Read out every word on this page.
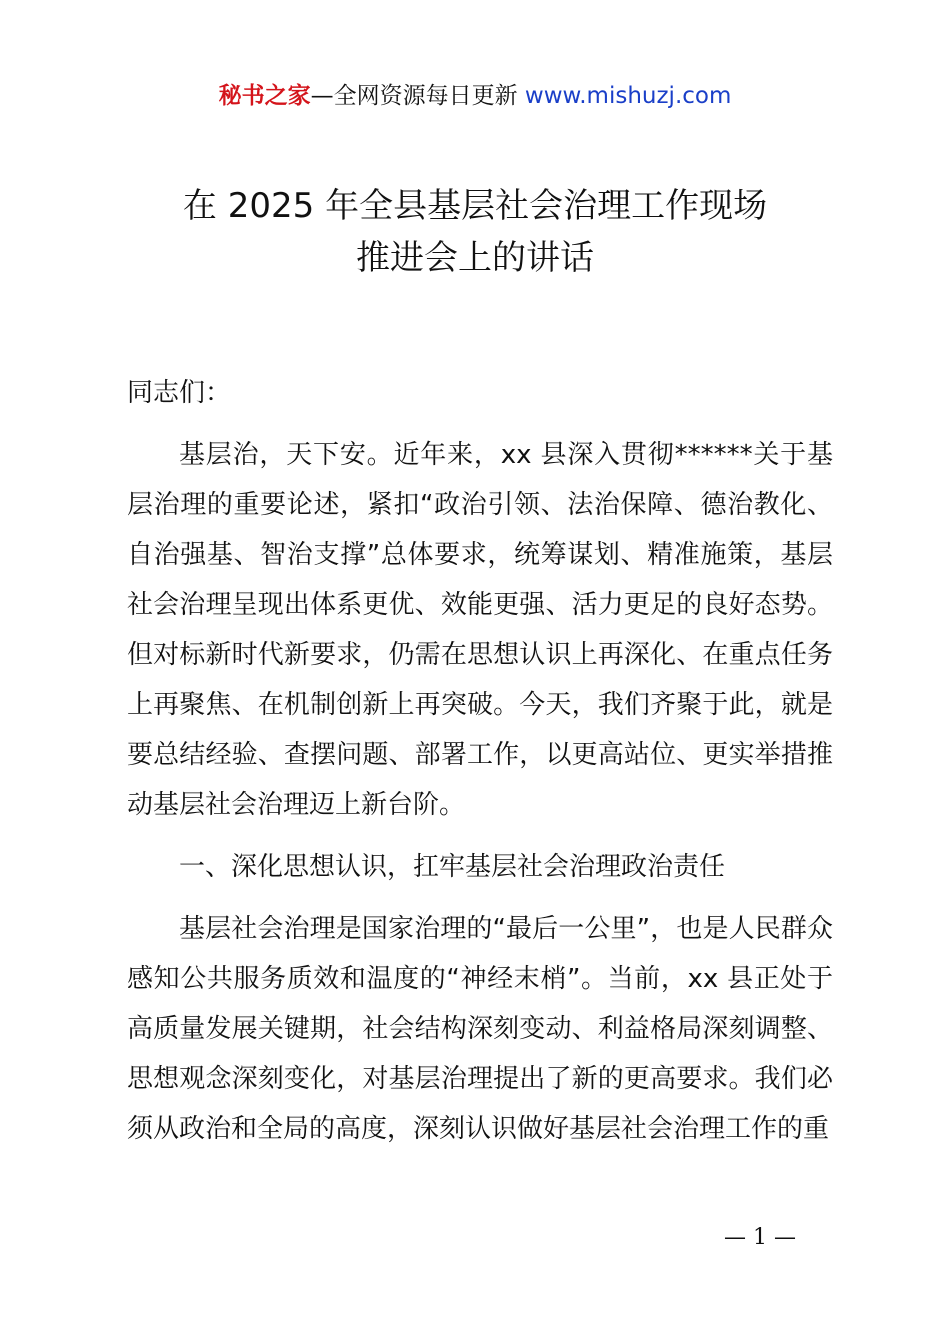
秘书之家—全网资源每日更新 www.mishuzj.com
在 2025 年全县基层社会治理工作现场
推进会上的讲话

同志们：

基层治，天下安。近年来，xx 县深入贯彻******关于基层治理的重要论述，紧扣“政治引领、法治保障、德治教化、自治强基、智治支撑”总体要求，统筹谋划、精准施策，基层社会治理呈现出体系更优、效能更强、活力更足的良好态势。但对标新时代新要求，仍需在思想认识上再深化、在重点任务上再聚焦、在机制创新上再突破。今天，我们齐聚于此，就是要总结经验、查摆问题、部署工作，以更高站位、更实举措推动基层社会治理迈上新台阶。

一、深化思想认识，扛牢基层社会治理政治责任

基层社会治理是国家治理的“最后一公里”，也是人民群众感知公共服务质效和温度的“神经末梢”。当前，xx 县正处于高质量发展关键期，社会结构深刻变动、利益格局深刻调整、思想观念深刻变化，对基层治理提出了新的更高要求。我们必须从政治和全局的高度，深刻认识做好基层社会治理工作的重

— 1 —
